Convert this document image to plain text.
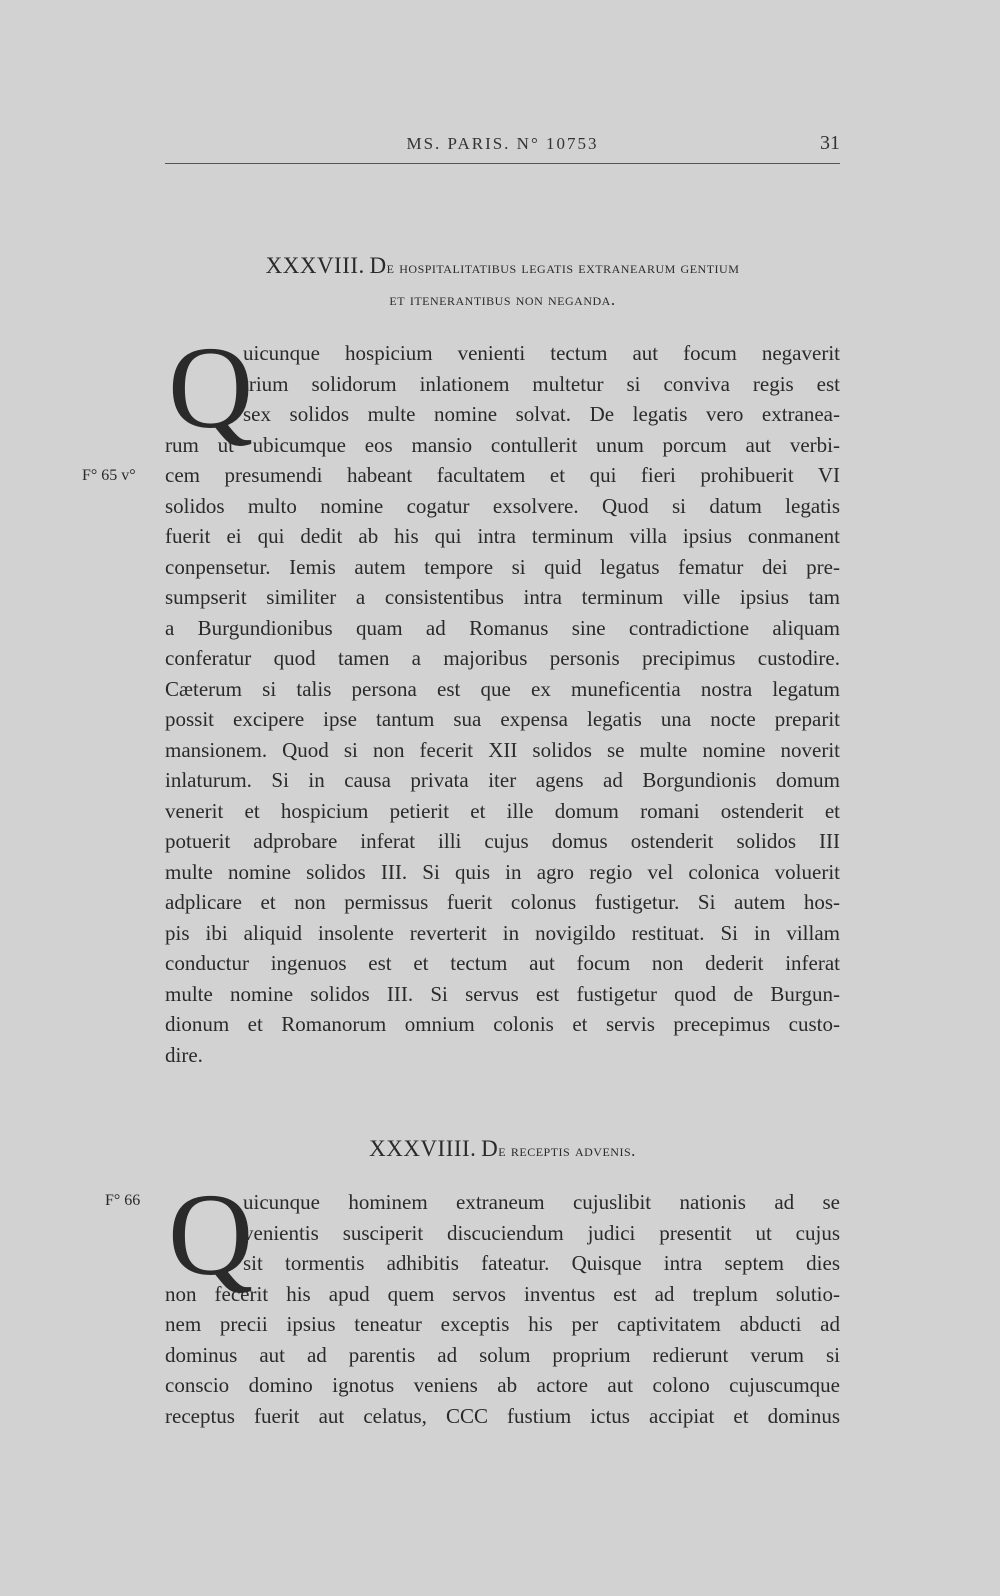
MS. PARIS. N° 10753	31
XXXVIII. De hospitalitatibus legatis extranearum gentium
et itenerantibus non neganda.
Q
F° 65 v°
uicunque hospicium venienti tectum aut focum negaverit
trium solidorum inlationem multetur si conviva regis est
sex solidos multe nomine solvat. De legatis vero extranea-
rum ut ubicumque eos mansio contullerit unum porcum aut verbi-
cem presumendi habeant facultatem et qui fieri prohibuerit VI
solidos multo nomine cogatur exsolvere. Quod si datum legatis
fuerit ei qui dedit ab his qui intra terminum villa ipsius conmanent
conpensetur. Iemis autem tempore si quid legatus fematur dei pre-
sumpserit similiter a consistentibus intra terminum ville ipsius tam
a Burgundionibus quam ad Romanus sine contradictione aliquam
conferatur quod tamen a majoribus personis precipimus custodire.
Cæterum si talis persona est que ex muneficentia nostra legatum
possit excipere ipse tantum sua expensa legatis una nocte preparit
mansionem. Quod si non fecerit XII solidos se multe nomine noverit
inlaturum. Si in causa privata iter agens ad Borgundionis domum
venerit et hospicium petierit et ille domum romani ostenderit et
potuerit adprobare inferat illi cujus domus ostenderit solidos III
multe nomine solidos III. Si quis in agro regio vel colonica voluerit
adplicare et non permissus fuerit colonus fustigetur. Si autem hos-
pis ibi aliquid insolente reverterit in novigildo restituat. Si in villam
conductur ingenuos est et tectum aut focum non dederit inferat
multe nomine solidos III. Si servus est fustigetur quod de Burgun-
dionum et Romanorum omnium colonis et servis precepimus custo-
dire.
XXXVIIII. De receptis advenis.
Q
F° 66	uicunque hominem extraneum cujuslibit nationis ad se
venientis susciperit discuciendum judici presentit ut cujus
sit tormentis adhibitis fateatur. Quisque intra septem dies
non fecerit his apud quem servos inventus est ad treplum solutio-
nem precii ipsius teneatur exceptis his per captivitatem abducti ad
dominus aut ad parentis ad solum proprium redierunt verum si
conscio domino ignotus veniens ab actore aut colono cujuscumque
receptus fuerit aut celatus, CCC fustium ictus accipiat et dominus
